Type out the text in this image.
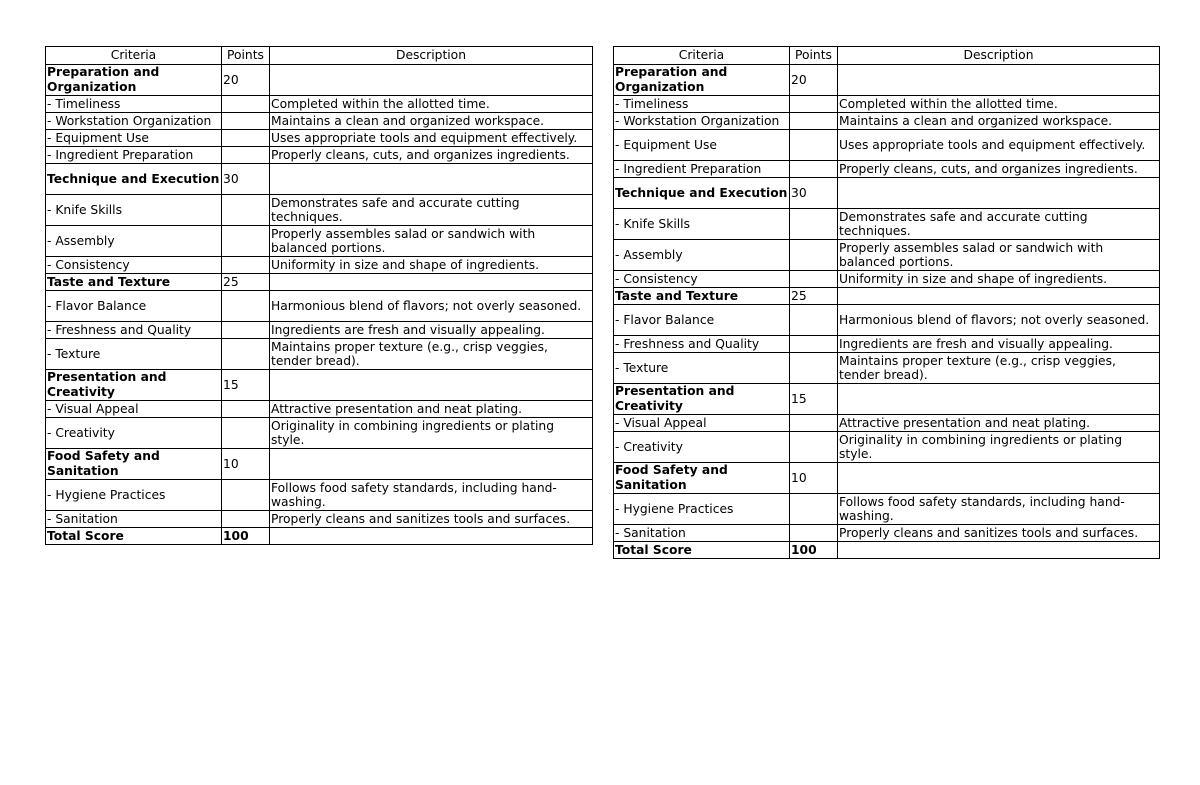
Criteria	Points	Description
Preparation and Organization	20	
- Timeliness		Completed within the allotted time.
- Workstation Organization		Maintains a clean and organized workspace.
- Equipment Use		Uses appropriate tools and equipment effectively.
- Ingredient Preparation		Properly cleans, cuts, and organizes ingredients.
Technique and Execution	30	
- Knife Skills		Demonstrates safe and accurate cutting techniques.
- Assembly		Properly assembles salad or sandwich with balanced portions.
- Consistency		Uniformity in size and shape of ingredients.
Taste and Texture	25	
- Flavor Balance		Harmonious blend of flavors; not overly seasoned.
- Freshness and Quality		Ingredients are fresh and visually appealing.
- Texture		Maintains proper texture (e.g., crisp veggies, tender bread).
Presentation and Creativity	15	
- Visual Appeal		Attractive presentation and neat plating.
- Creativity		Originality in combining ingredients or plating style.
Food Safety and Sanitation	10	
- Hygiene Practices		Follows food safety standards, including hand-washing.
- Sanitation		Properly cleans and sanitizes tools and surfaces.
Total Score	100	
Criteria	Points	Description
Preparation and Organization	20	
- Timeliness		Completed within the allotted time.
- Workstation Organization		Maintains a clean and organized workspace.
- Equipment Use		Uses appropriate tools and equipment effectively.
- Ingredient Preparation		Properly cleans, cuts, and organizes ingredients.
Technique and Execution	30	
- Knife Skills		Demonstrates safe and accurate cutting techniques.
- Assembly		Properly assembles salad or sandwich with balanced portions.
- Consistency		Uniformity in size and shape of ingredients.
Taste and Texture	25	
- Flavor Balance		Harmonious blend of flavors; not overly seasoned.
- Freshness and Quality		Ingredients are fresh and visually appealing.
- Texture		Maintains proper texture (e.g., crisp veggies, tender bread).
Presentation and Creativity	15	
- Visual Appeal		Attractive presentation and neat plating.
- Creativity		Originality in combining ingredients or plating style.
Food Safety and Sanitation	10	
- Hygiene Practices		Follows food safety standards, including hand-washing.
- Sanitation		Properly cleans and sanitizes tools and surfaces.
Total Score	100	
